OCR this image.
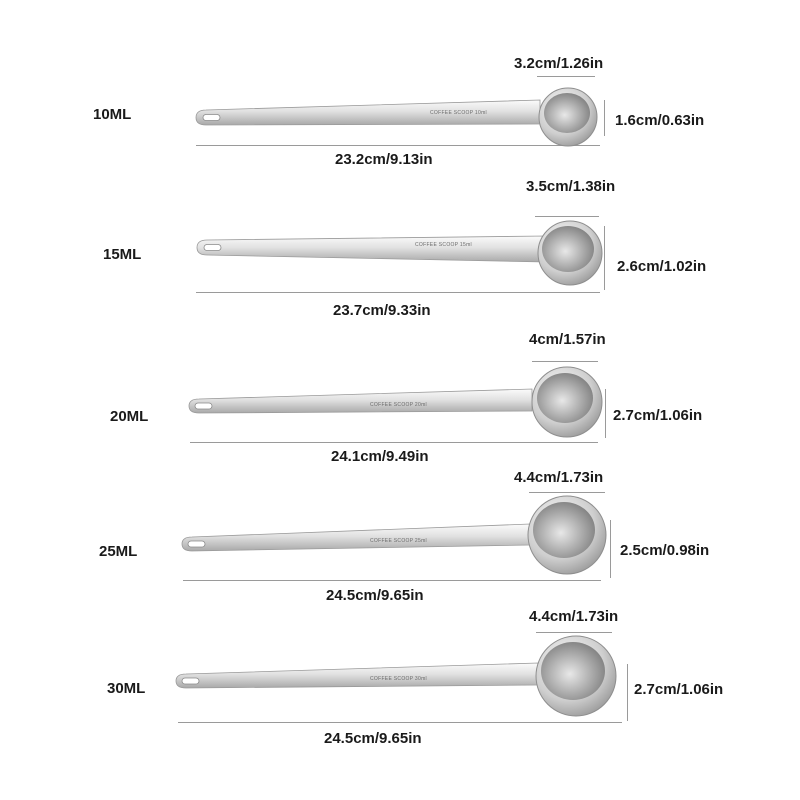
10ML
3.2cm/1.26in
1.6cm/0.63in
23.2cm/9.13in
COFFEE SCOOP 10ml
15ML
3.5cm/1.38in
2.6cm/1.02in
23.7cm/9.33in
COFFEE SCOOP 15ml
20ML
4cm/1.57in
2.7cm/1.06in
24.1cm/9.49in
COFFEE SCOOP 20ml
25ML
4.4cm/1.73in
2.5cm/0.98in
24.5cm/9.65in
COFFEE SCOOP 25ml
30ML
4.4cm/1.73in
2.7cm/1.06in
24.5cm/9.65in
COFFEE SCOOP 30ml
